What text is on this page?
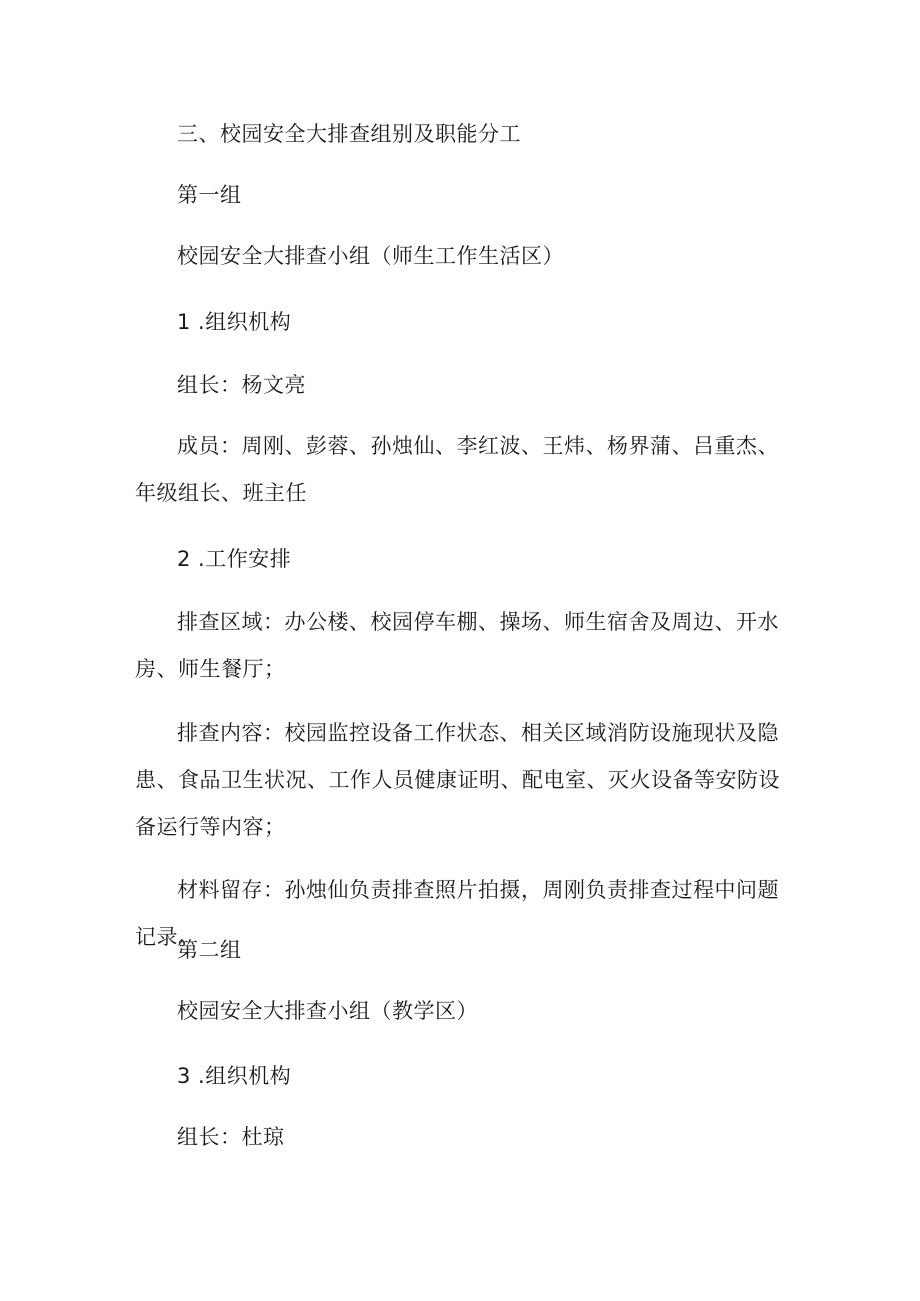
三、校园安全大排查组别及职能分工

第一组

校园安全大排查小组（师生工作生活区）

1 .组织机构

组长：杨文亮

成员：周刚、彭蓉、孙烛仙、李红波、王炜、杨界蒲、吕重杰、年级组长、班主任

2 .工作安排

排查区域：办公楼、校园停车棚、操场、师生宿舍及周边、开水房、师生餐厅；

排查内容：校园监控设备工作状态、相关区域消防设施现状及隐患、食品卫生状况、工作人员健康证明、配电室、灭火设备等安防设备运行等内容；

材料留存：孙烛仙负责排查照片拍摄，周刚负责排查过程中问题记录。

第二组

校园安全大排查小组（教学区）

3 .组织机构

组长：杜琼
